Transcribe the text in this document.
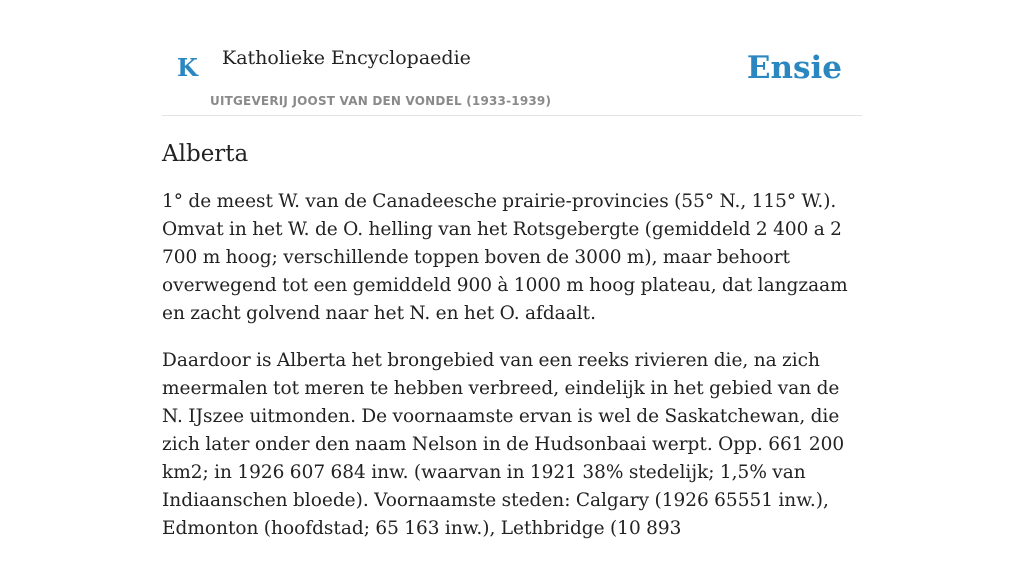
K Katholieke Encyclopaedie
UITGEVERIJ JOOST VAN DEN VONDEL (1933-1939)
Ensie
Alberta

1° de meest W. van de Canadeesche prairie-provincies (55° N., 115° W.). Omvat in het W. de O. helling van het Rotsgebergte (gemiddeld 2 400 a 2 700 m hoog; verschillende toppen boven de 3000 m), maar behoort overwegend tot een gemiddeld 900 à 1000 m hoog plateau, dat langzaam en zacht golvend naar het N. en het O. afdaalt.

Daardoor is Alberta het brongebied van een reeks rivieren die, na zich meermalen tot meren te hebben verbreed, eindelijk in het gebied van de N. IJszee uitmonden. De voornaamste ervan is wel de Saskatchewan, die zich later onder den naam Nelson in de Hudsonbaai werpt. Opp. 661 200 km2; in 1926 607 684 inw. (waarvan in 1921 38% stedelijk; 1,5% van Indiaanschen bloede). Voornaamste steden: Calgary (1926 65551 inw.), Edmonton (hoofdstad; 65 163 inw.), Lethbridge (10 893
